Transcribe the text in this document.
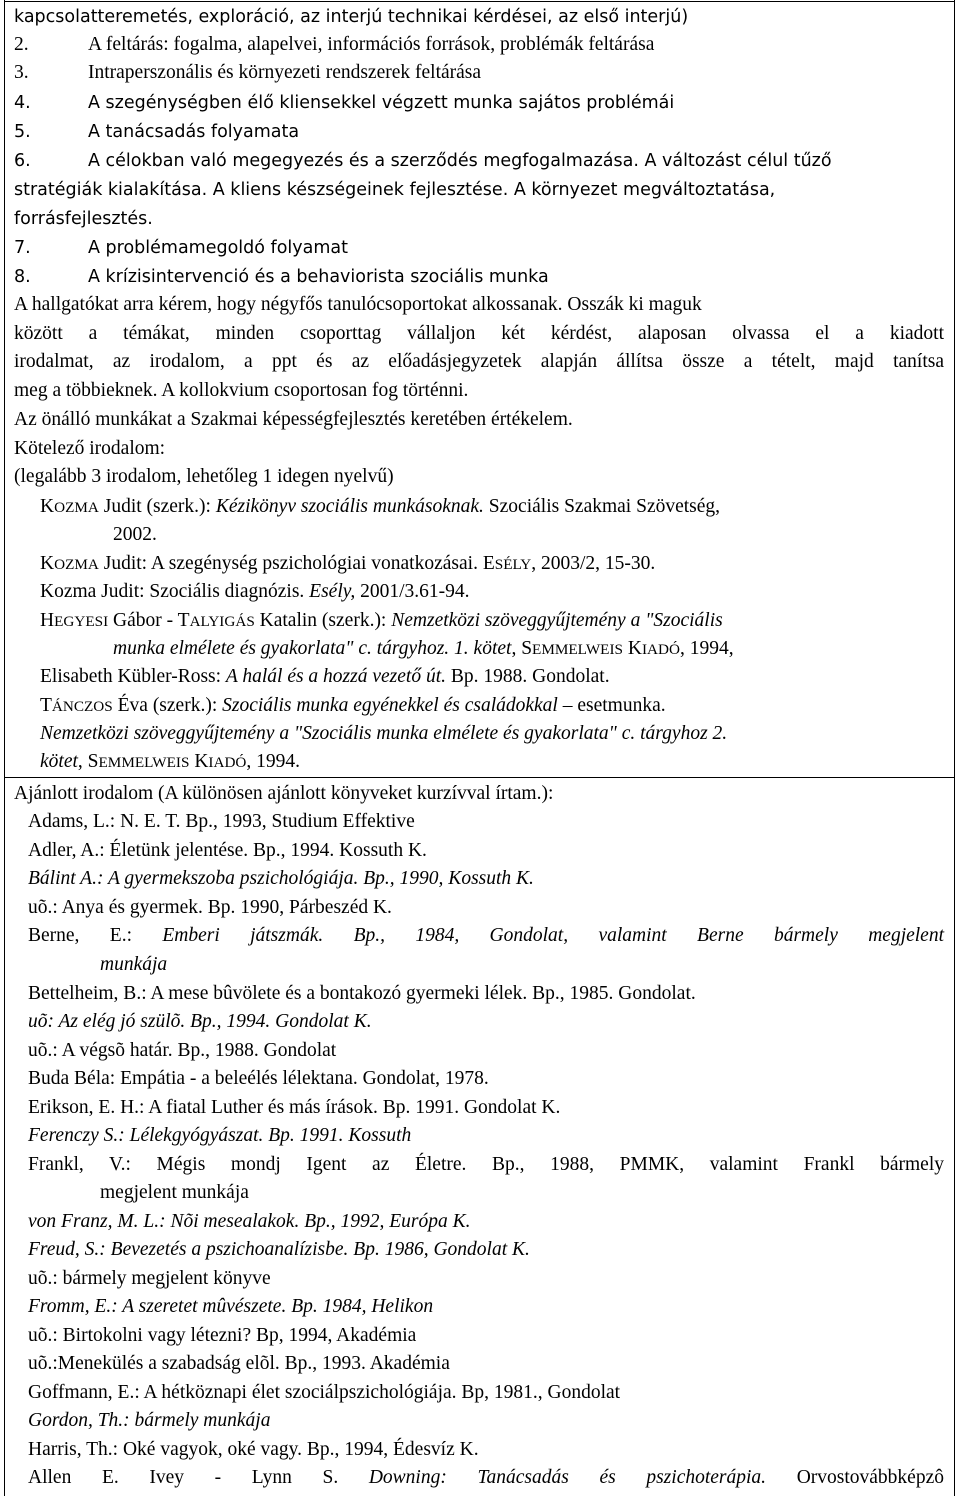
kapcsolatteremetés, exploráció, az interjú technikai kérdései, az első interjú)
2.	A feltárás: fogalma, alapelvei, információs források, problémák feltárása
3.	Intraperszonális és környezeti rendszerek feltárása
4.	A szegénységben élő kliensekkel végzett munka sajátos problémái
5.	A tanácsadás folyamata
6.	A célokban való megegyezés és a szerződés megfogalmazása. A változást célul tűző
stratégiák kialakítása. A kliens készségeinek fejlesztése. A környezet megváltoztatása,
forrásfejlesztés.
7.	A problémamegoldó folyamat
8.	A krízisintervenció és a behaviorista szociális munka
A hallgatókat arra kérem, hogy négyfős tanulócsoportokat alkossanak. Osszák ki maguk
között a témákat, minden csoporttag vállaljon két kérdést, alaposan olvassa el a kiadott
irodalmat, az irodalom, a ppt és az előadásjegyzetek alapján állítsa össze a tételt, majd tanítsa
meg a többieknek. A kollokvium csoportosan fog történni.
Az önálló munkákat a Szakmai képességfejlesztés keretében értékelem.
Kötelező irodalom:
(legalább 3 irodalom, lehetőleg 1 idegen nyelvű)
KOZMA Judit (szerk.): Kézikönyv szociális munkásoknak. Szociális Szakmai Szövetség,
2002.
KOZMA Judit: A szegénység pszichológiai vonatkozásai. ESÉLY, 2003/2, 15-30.
Kozma Judit: Szociális diagnózis. Esély, 2001/3.61-94.
HEGYESI Gábor - TALYIGÁS Katalin (szerk.): Nemzetközi szöveggyűjtemény a "Szociális
munka elmélete és gyakorlata" c. tárgyhoz. 1. kötet, SEMMELWEIS KIADÓ, 1994,
Elisabeth Kübler-Ross: A halál és a hozzá vezető út. Bp. 1988. Gondolat.
TÁNCZOS Éva (szerk.): Szociális munka egyénekkel és családokkal – esetmunka.
Nemzetközi szöveggyűjtemény a "Szociális munka elmélete és gyakorlata" c. tárgyhoz 2.
kötet, SEMMELWEIS KIADÓ, 1994.
Ajánlott irodalom (A különösen ajánlott könyveket kurzívval írtam.):
Adams, L.: N. E. T. Bp., 1993, Studium Effektive
Adler, A.: Életünk jelentése. Bp., 1994. Kossuth K.
Bálint A.: A gyermekszoba pszichológiája. Bp., 1990, Kossuth K.
uõ.: Anya és gyermek. Bp. 1990, Párbeszéd K.
Berne, E.: Emberi játszmák. Bp., 1984, Gondolat, valamint Berne bármely megjelent
munkája
Bettelheim, B.: A mese bûvölete és a bontakozó gyermeki lélek. Bp., 1985. Gondolat.
uõ: Az elég jó szülõ. Bp., 1994. Gondolat K.
uõ.: A végsõ határ. Bp., 1988. Gondolat
Buda Béla: Empátia - a beleélés lélektana. Gondolat, 1978.
Erikson, E. H.: A fiatal Luther és más írások. Bp. 1991. Gondolat K.
Ferenczy S.: Lélekgyógyászat. Bp. 1991. Kossuth
Frankl, V.: Mégis mondj Igent az Életre. Bp., 1988, PMMK, valamint Frankl bármely
megjelent munkája
von Franz, M. L.: Nõi mesealakok. Bp., 1992, Európa K.
Freud, S.: Bevezetés a pszichoanalízisbe. Bp. 1986, Gondolat K.
uõ.: bármely megjelent könyve
Fromm, E.: A szeretet mûvészete. Bp. 1984, Helikon
uõ.: Birtokolni vagy létezni? Bp, 1994, Akadémia
uõ.:Menekülés a szabadság elõl. Bp., 1993. Akadémia
Goffmann, E.: A hétköznapi élet szociálpszichológiája. Bp, 1981., Gondolat
Gordon, Th.: bármely munkája
Harris, Th.: Oké vagyok, oké vagy. Bp., 1994, Édesvíz K.
Allen E. Ivey - Lynn S. Downing: Tanácsadás és pszichoterápia. Orvostovábbképzô
